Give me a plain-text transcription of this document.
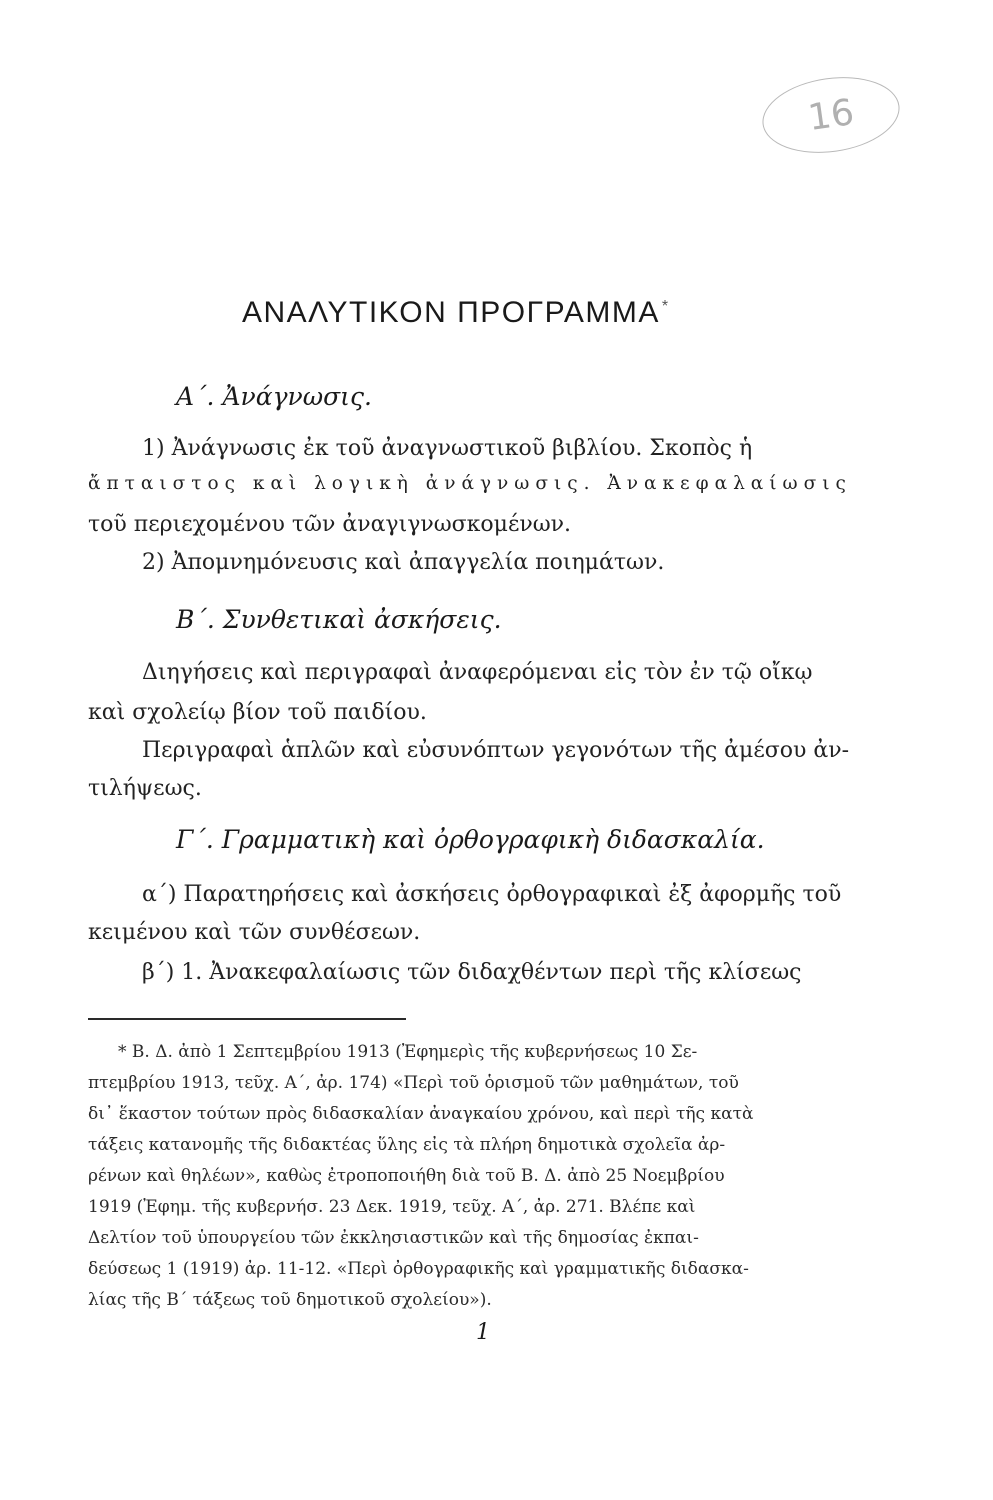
16
ΑΝΑΛΥΤΙΚΟΝ ΠΡΟΓΡΑΜΜΑ *
Α΄. Ἀνάγνωσις.
1) Ἀνάγνωσις ἐκ τοῦ ἀναγνωστικοῦ βιβλίου. Σκοπὸς ἡ
ἄπταιστος καὶ λογικὴ ἀνάγνωσις. Ἀνακεφαλαίωσις
τοῦ περιεχομένου τῶν ἀναγιγνωσκομένων.
2) Ἀπομνημόνευσις καὶ ἀπαγγελία ποιημάτων.
Β΄. Συνθετικαὶ ἀσκήσεις.
Διηγήσεις καὶ περιγραφαὶ ἀναφερόμεναι εἰς τὸν ἐν τῷ οἴκῳ
καὶ σχολείῳ βίον τοῦ παιδίου.
Περιγραφαὶ ἁπλῶν καὶ εὐσυνόπτων γεγονότων τῆς ἀμέσου ἀν-
τιλήψεως.
Γ΄. Γραμματικὴ καὶ ὀρθογραφικὴ διδασκαλία.
α΄) Παρατηρήσεις καὶ ἀσκήσεις ὀρθογραφικαὶ ἐξ ἀφορμῆς τοῦ
κειμένου καὶ τῶν συνθέσεων.
β΄) 1. Ἀνακεφαλαίωσις τῶν διδαχθέντων περὶ τῆς κλίσεως
* Β. Δ. ἀπὸ 1 Σεπτεμβρίου 1913 (Ἐφημερὶς τῆς κυβερνήσεως 10 Σε-
πτεμβρίου 1913, τεῦχ. Α΄, ἀρ. 174) «Περὶ τοῦ ὁρισμοῦ τῶν μαθημάτων, τοῦ
δι᾽ ἕκαστον τούτων πρὸς διδασκαλίαν ἀναγκαίου χρόνου, καὶ περὶ τῆς κατὰ
τάξεις κατανομῆς τῆς διδακτέας ὕλης εἰς τὰ πλήρη δημοτικὰ σχολεῖα ἀρ-
ρένων καὶ θηλέων», καθὼς ἐτροποποιήθη διὰ τοῦ Β. Δ. ἀπὸ 25 Νοεμβρίου
1919 (Ἐφημ. τῆς κυβερνήσ. 23 Δεκ. 1919, τεῦχ. Α΄, ἀρ. 271. Βλέπε καὶ
Δελτίον τοῦ ὑπουργείου τῶν ἐκκλησιαστικῶν καὶ τῆς δημοσίας ἐκπαι-
δεύσεως 1 (1919) ἀρ. 11-12. «Περὶ ὀρθογραφικῆς καὶ γραμματικῆς διδασκα-
λίας τῆς Β΄ τάξεως τοῦ δημοτικοῦ σχολείου»).
1
